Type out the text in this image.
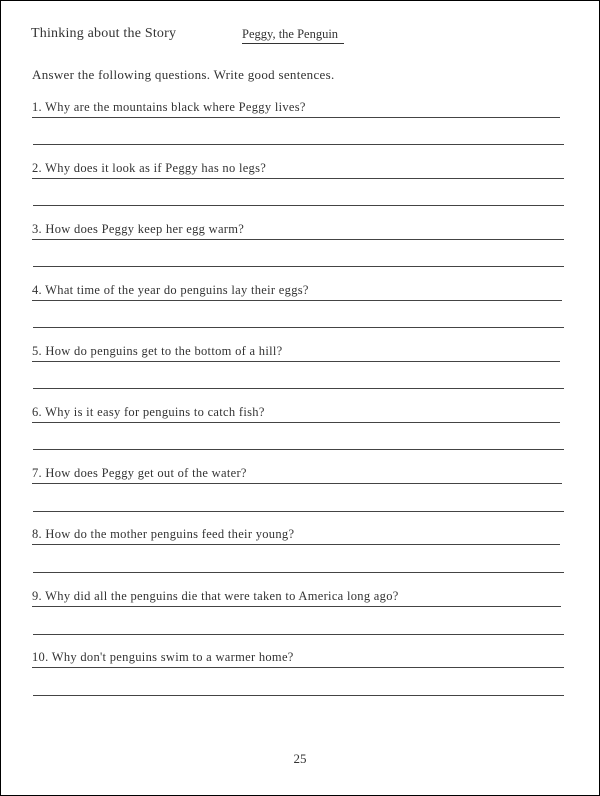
Thinking about the Story	Peggy, the Penguin
Answer the following questions. Write good sentences.
1. Why are the mountains black where Peggy lives?
2. Why does it look as if Peggy has no legs?
3. How does Peggy keep her egg warm?
4. What time of the year do penguins lay their eggs?
5. How do penguins get to the bottom of a hill?
6. Why is it easy for penguins to catch fish?
7. How does Peggy get out of the water?
8. How do the mother penguins feed their young?
9. Why did all the penguins die that were taken to America long ago?
10. Why don't penguins swim to a warmer home?
25
